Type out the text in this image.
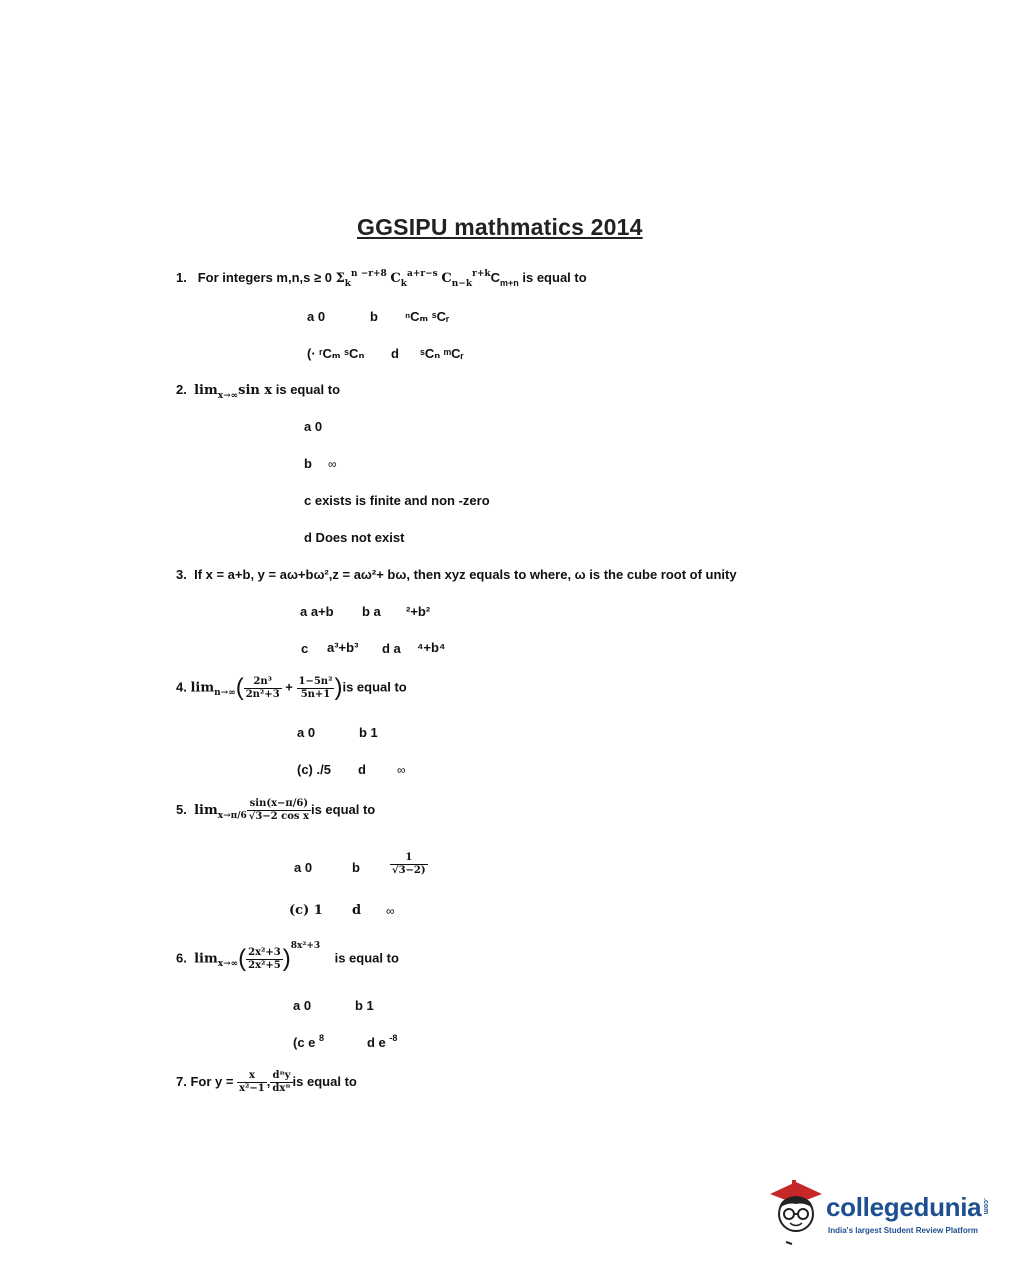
GGSIPU mathmatics 2014
1. For integers m,n,s ≥ 0 $\Sigma_k^{n -r+8}$ $C_k^{a+r-s}$ $C_{n-k}^{r+k}C_{m+n}$ is equal to
a 0	b ⁿCₘ ˢCᵣ
(· ʳCₘ ˢCₙ d ˢCₙ ᵐCᵣ
2. $\lim_{x\to\infty}\sin$ x is equal to
a 0
b ∞
c exists is finite and non -zero
d Does not exist
3. If x = a+b, y = aω+bω²,z = aω²+ bω, then xyz equals to where, ω is the cube root of unity
a a+b b a ²+b²
c a³+b³ d a ⁴+b⁴
4. $\lim_{n\to\infty}( \frac{\text{2n³}}{\text{2n²+3}} + \frac{\text{1−5n²}}{5n+1} )is$ equal to
a 0	b 1
(c) ./5 d	∞
5. $\lim_{x\to\pi/6} \frac{\sin(x-\pi/6)}{\text{√3−2 cos x}}$ is equal to
a 0	b	$\frac{1}{√3-2)}$
(c) 1 d ∞
6. $\lim_{x\to\infty}( \frac{\text{2x²+3}}{\text{2x²+5}} )^{8x^2+3}$    is equal to
a 0	b 1
(c e $^8$	d e $^{-8}$
7. For $y = \frac{x}{\text{x²−1}}$ , $\frac{\text{dⁿy}}{\text{dxⁿ}}$ is equal to
collegedunia .com
India's largest Student Review Platform
